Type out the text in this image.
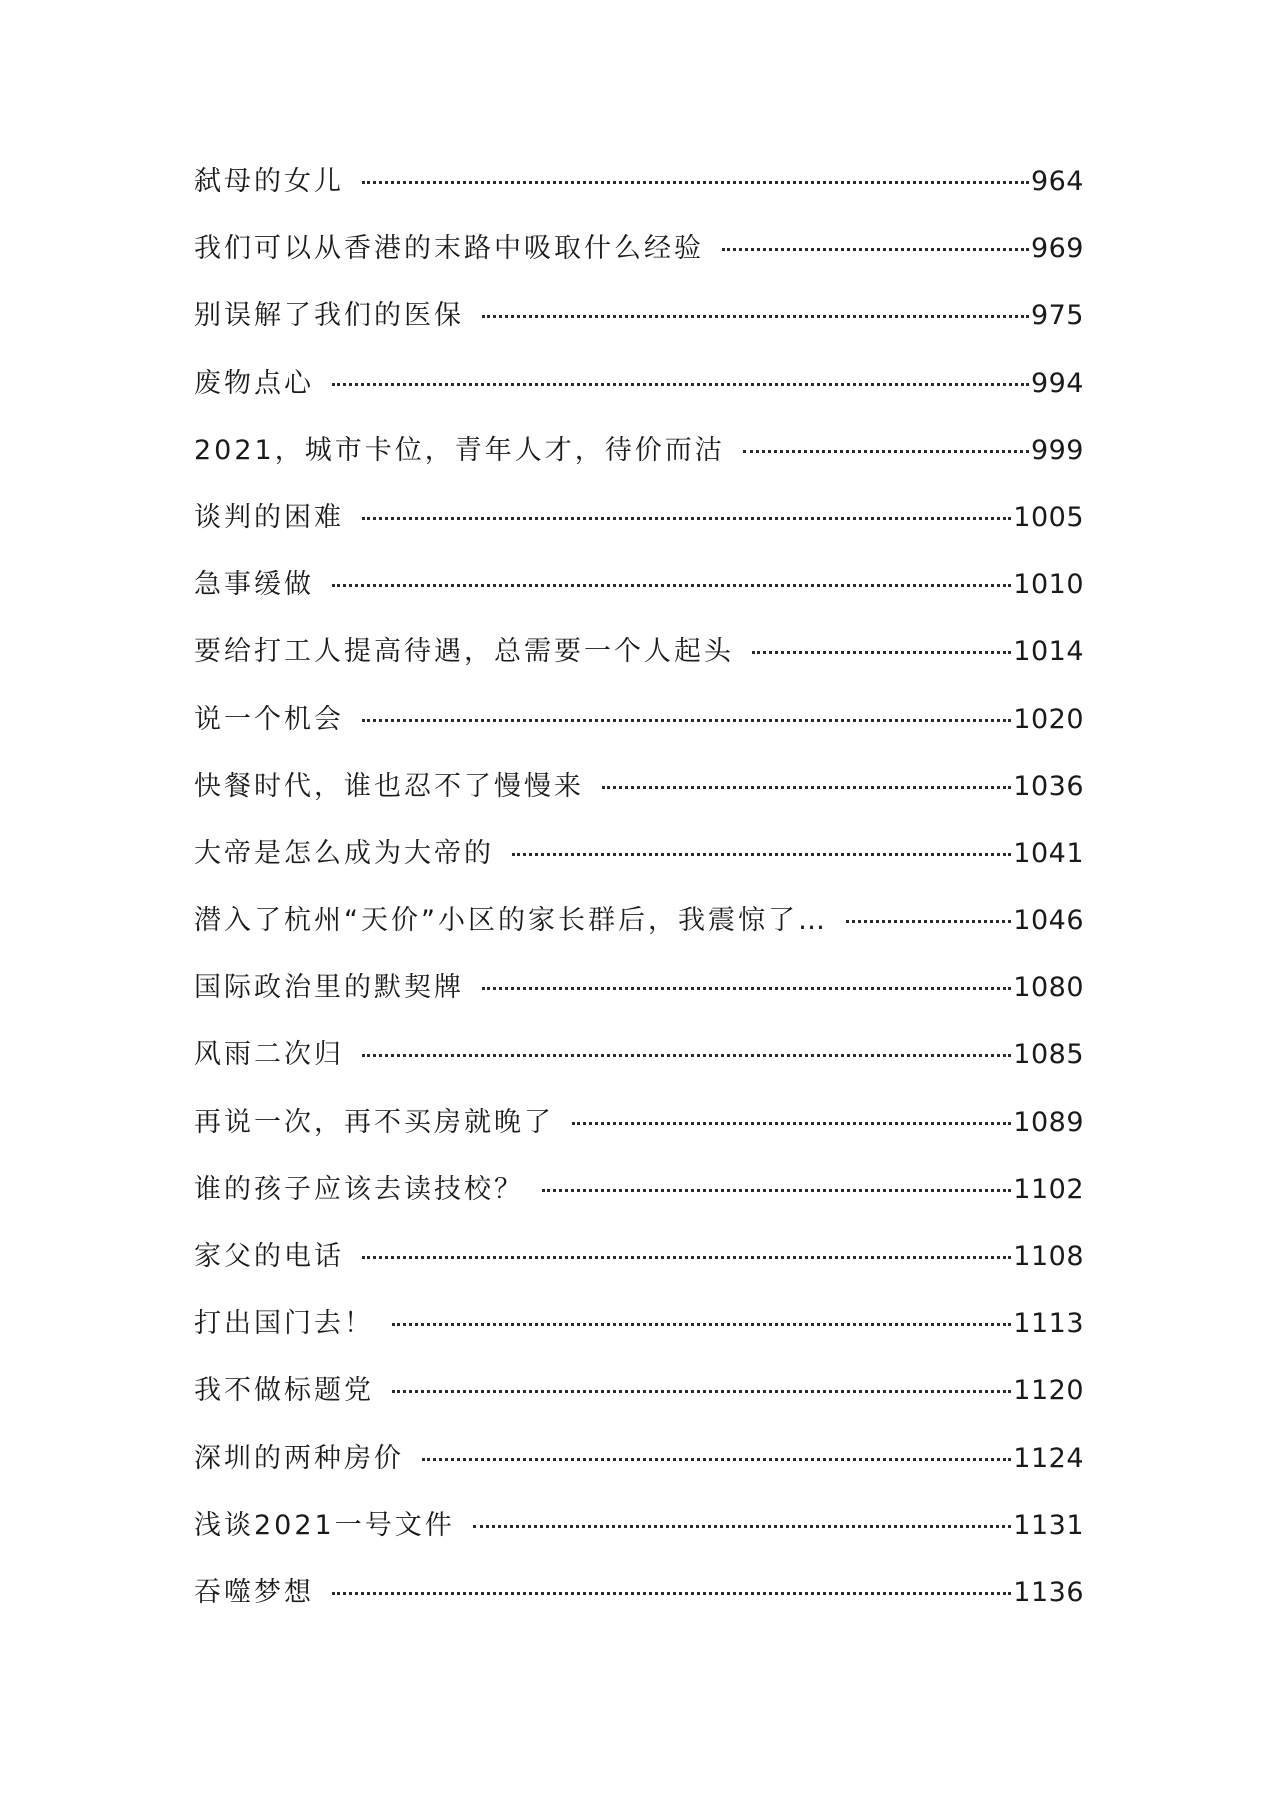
弑母的女儿	964
我们可以从香港的末路中吸取什么经验	969
别误解了我们的医保	975
废物点心	994
2021，城市卡位，青年人才，待价而沽	999
谈判的困难	1005
急事缓做	1010
要给打工人提高待遇，总需要一个人起头	1014
说一个机会	1020
快餐时代，谁也忍不了慢慢来	1036
大帝是怎么成为大帝的	1041
潜入了杭州“天价”小区的家长群后，我震惊了…	1046
国际政治里的默契牌	1080
风雨二次归	1085
再说一次，再不买房就晚了	1089
谁的孩子应该去读技校？	1102
家父的电话	1108
打出国门去！	1113
我不做标题党	1120
深圳的两种房价	1124
浅谈2021一号文件	1131
吞噬梦想	1136
